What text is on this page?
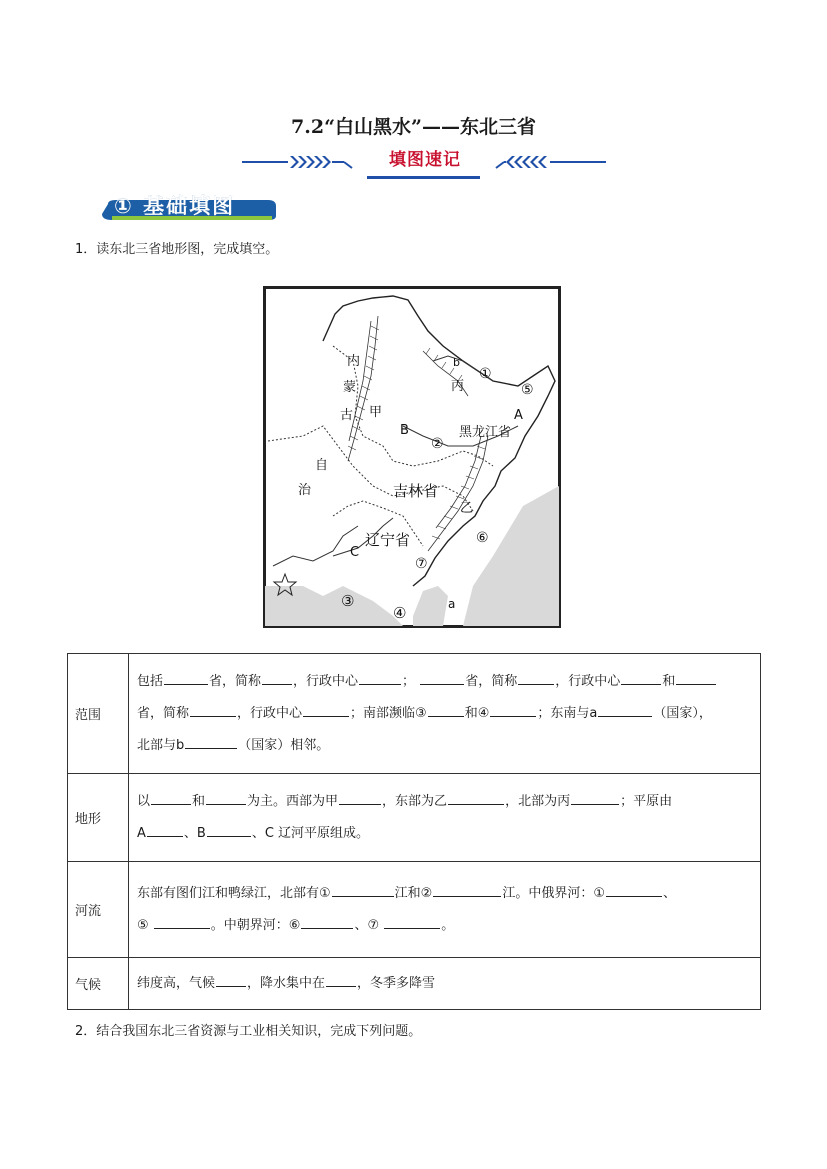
7.2“白山黑水”——东北三省
填图速记
① 基础填图
1．读东北三省地形图，完成填空。
内
蒙
古
自
治
甲
B
b
丙
①
⑤
A
②
黑龙江省
吉林省
乙
⑥
C
辽宁省
③
④	a
⑦
范围	包括 省，简称 ，行政中心 ； 省，简称 ，行政中心 和
省，简称 ，行政中心 ；南部濒临③ 和④ ；东南与a （国家），
北部与b （国家）相邻。
地形	以 和 为主。西部为甲 ，东部为乙 ，北部为丙 ；平原由
A 、B 、C 辽河平原组成。
河流	东部有图们江和鸭绿江，北部有① 江和② 江。中俄界河：① 、
⑤ 。中朝界河：⑥ 、⑦ 。
气候	纬度高，气候 ，降水集中在 ，冬季多降雪
2．结合我国东北三省资源与工业相关知识，完成下列问题。
